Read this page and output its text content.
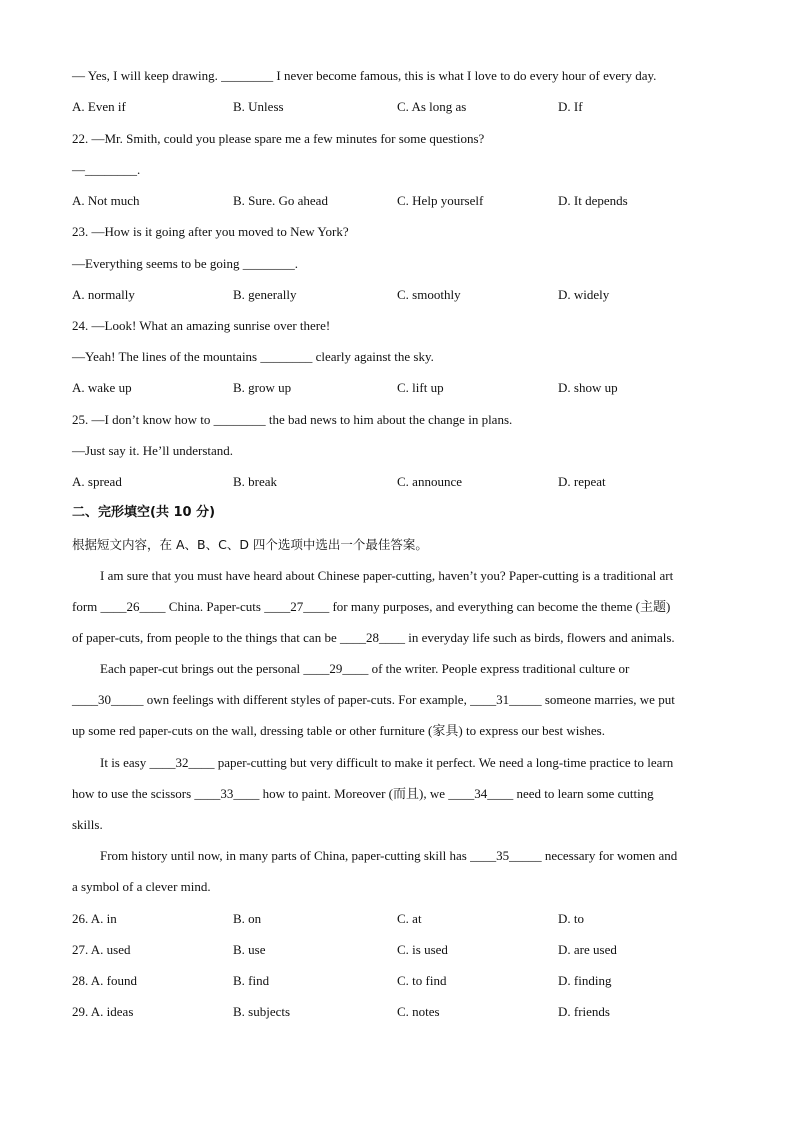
— Yes, I will keep drawing. ________ I never become famous, this is what I love to do every hour of every day.
A. Even if	B. Unless	C. As long as	D. If
22. —Mr. Smith, could you please spare me a few minutes for some questions?
—________.
A. Not much	B. Sure. Go ahead	C. Help yourself	D. It depends
23. —How is it going after you moved to New York?
—Everything seems to be going ________.
A. normally	B. generally	C. smoothly	D. widely
24. —Look! What an amazing sunrise over there!
—Yeah! The lines of the mountains ________ clearly against the sky.
A. wake up	B. grow up	C. lift up	D. show up
25. —I don’t know how to ________ the bad news to him about the change in plans.
—Just say it. He’ll understand.
A. spread	B. break	C. announce	D. repeat
二、完形填空(共 10 分)
根据短文内容，在 A、B、C、D 四个选项中选出一个最佳答案。
I am sure that you must have heard about Chinese paper-cutting, haven’t you? Paper-cutting is a traditional art
form ____26____ China. Paper-cuts ____27____ for many purposes, and everything can become the theme (主题)
of paper-cuts, from people to the things that can be ____28____ in everyday life such as birds, flowers and animals.
Each paper-cut brings out the personal ____29____ of the writer. People express traditional culture or
____30_____ own feelings with different styles of paper-cuts. For example, ____31_____ someone marries, we put
up some red paper-cuts on the wall, dressing table or other furniture (家具) to express our best wishes.
It is easy ____32____ paper-cutting but very difficult to make it perfect. We need a long-time practice to learn
how to use the scissors ____33____ how to paint. Moreover (而且), we ____34____ need to learn some cutting
skills.
From history until now, in many parts of China, paper-cutting skill has ____35_____ necessary for women and
a symbol of a clever mind.
26. A. in	B. on	C. at	D. to
27. A. used	B. use	C. is used	D. are used
28. A. found	B. find	C. to find	D. finding
29. A. ideas	B. subjects	C. notes	D. friends
